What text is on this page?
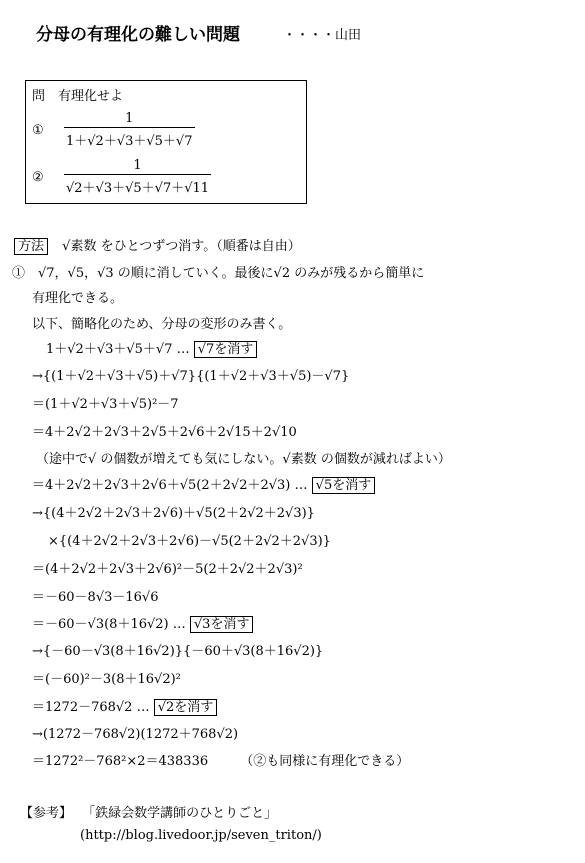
分母の有理化の難しい問題	・・・・山田
問　有理化せよ
① $\frac{1}{1+√2+√3+√5+√7}$
② $\frac{1}{√2+√3+√5+√7+√11}$
方法 √素数 をひとつずつ消す。（順番は自由）
①　√7，√5，√3 の順に消していく。最後に√2 のみが残るから簡単に
有理化できる。
以下、簡略化のため、分母の変形のみ書く。
1＋√2＋√3＋√5＋√7 … √7を消す
→{(1＋√2＋√3＋√5)＋√7}{(1＋√2＋√3＋√5)－√7}
＝(1＋√2＋√3＋√5)²－7
＝4＋2√2＋2√3＋2√5＋2√6＋2√15＋2√10
（途中で√ の個数が増えても気にしない。√素数 の個数が減ればよい）
＝4＋2√2＋2√3＋2√6＋√5(2＋2√2＋2√3) … √5を消す
→{(4＋2√2＋2√3＋2√6)＋√5(2＋2√2＋2√3)}
×{(4＋2√2＋2√3＋2√6)－√5(2＋2√2＋2√3)}
＝(4＋2√2＋2√3＋2√6)²－5(2＋2√2＋2√3)²
＝－60－8√3－16√6
＝－60－√3(8＋16√2) … √3を消す
→{－60－√3(8＋16√2)}{－60＋√3(8＋16√2)}
＝(－60)²－3(8＋16√2)²
＝1272－768√2 … √2を消す
→(1272－768√2)(1272＋768√2)
＝1272²－768²×2＝438336 （②も同様に有理化できる）
【参考】 「鉄緑会数学講師のひとりごと」
(http://blog.livedoor.jp/seven_triton/)
